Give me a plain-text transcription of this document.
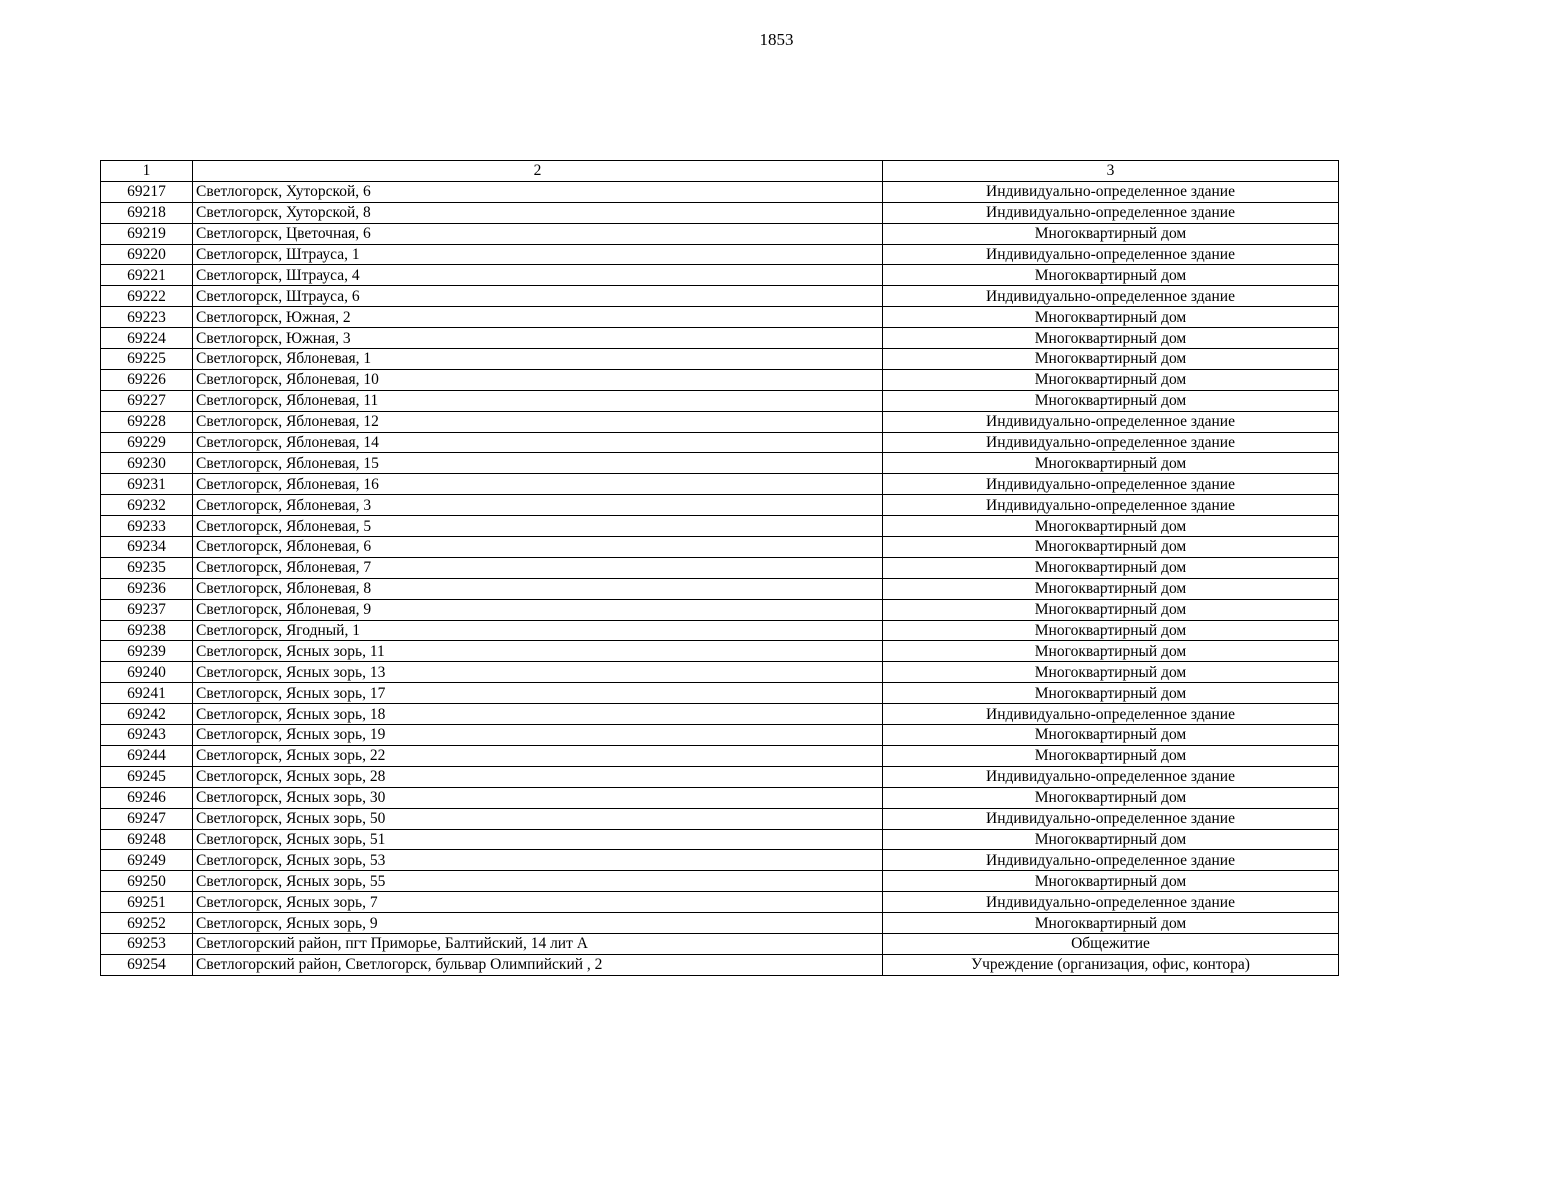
1853
1	2	3
69217	Светлогорск, Хуторской, 6	Индивидуально-определенное здание
69218	Светлогорск, Хуторской, 8	Индивидуально-определенное здание
69219	Светлогорск, Цветочная, 6	Многоквартирный дом
69220	Светлогорск, Штрауса, 1	Индивидуально-определенное здание
69221	Светлогорск, Штрауса, 4	Многоквартирный дом
69222	Светлогорск, Штрауса, 6	Индивидуально-определенное здание
69223	Светлогорск, Южная, 2	Многоквартирный дом
69224	Светлогорск, Южная, 3	Многоквартирный дом
69225	Светлогорск, Яблоневая, 1	Многоквартирный дом
69226	Светлогорск, Яблоневая, 10	Многоквартирный дом
69227	Светлогорск, Яблоневая, 11	Многоквартирный дом
69228	Светлогорск, Яблоневая, 12	Индивидуально-определенное здание
69229	Светлогорск, Яблоневая, 14	Индивидуально-определенное здание
69230	Светлогорск, Яблоневая, 15	Многоквартирный дом
69231	Светлогорск, Яблоневая, 16	Индивидуально-определенное здание
69232	Светлогорск, Яблоневая, 3	Индивидуально-определенное здание
69233	Светлогорск, Яблоневая, 5	Многоквартирный дом
69234	Светлогорск, Яблоневая, 6	Многоквартирный дом
69235	Светлогорск, Яблоневая, 7	Многоквартирный дом
69236	Светлогорск, Яблоневая, 8	Многоквартирный дом
69237	Светлогорск, Яблоневая, 9	Многоквартирный дом
69238	Светлогорск, Ягодный, 1	Многоквартирный дом
69239	Светлогорск, Ясных зорь, 11	Многоквартирный дом
69240	Светлогорск, Ясных зорь, 13	Многоквартирный дом
69241	Светлогорск, Ясных зорь, 17	Многоквартирный дом
69242	Светлогорск, Ясных зорь, 18	Индивидуально-определенное здание
69243	Светлогорск, Ясных зорь, 19	Многоквартирный дом
69244	Светлогорск, Ясных зорь, 22	Многоквартирный дом
69245	Светлогорск, Ясных зорь, 28	Индивидуально-определенное здание
69246	Светлогорск, Ясных зорь, 30	Многоквартирный дом
69247	Светлогорск, Ясных зорь, 50	Индивидуально-определенное здание
69248	Светлогорск, Ясных зорь, 51	Многоквартирный дом
69249	Светлогорск, Ясных зорь, 53	Индивидуально-определенное здание
69250	Светлогорск, Ясных зорь, 55	Многоквартирный дом
69251	Светлогорск, Ясных зорь, 7	Индивидуально-определенное здание
69252	Светлогорск, Ясных зорь, 9	Многоквартирный дом
69253	Светлогорский район, пгт Приморье, Балтийский, 14 лит А	Общежитие
69254	Светлогорский район, Светлогорск, бульвар Олимпийский , 2	Учреждение (организация, офис, контора)
